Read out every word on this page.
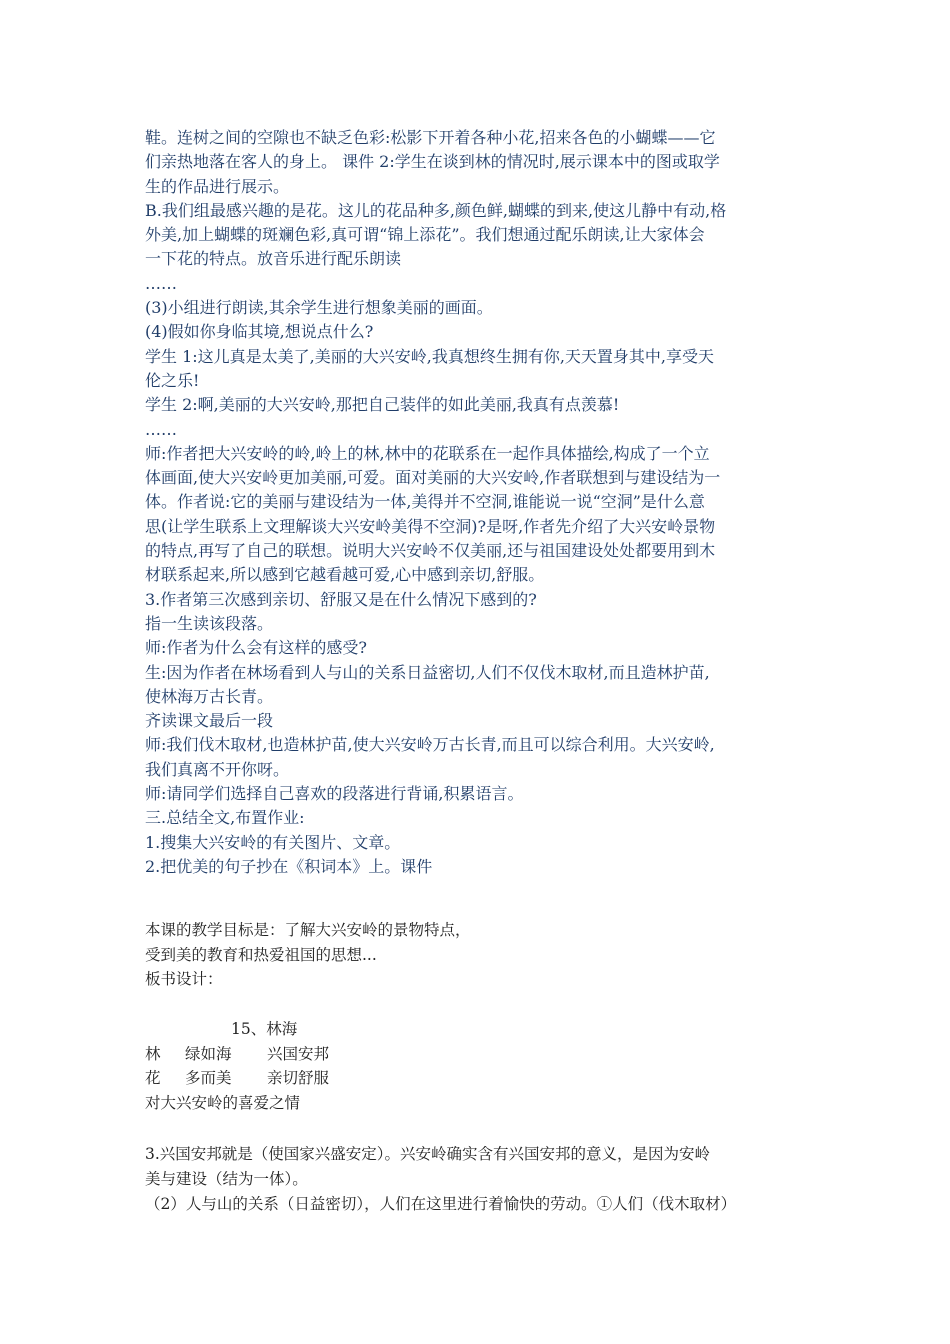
鞋。连树之间的空隙也不缺乏色彩:松影下开着各种小花,招来各色的小蝴蝶——它
们亲热地落在客人的身上。 课件 2:学生在谈到林的情况时,展示课本中的图或取学
生的作品进行展示。
B.我们组最感兴趣的是花。这儿的花品种多,颜色鲜,蝴蝶的到来,使这儿静中有动,格
外美,加上蝴蝶的斑斓色彩,真可谓“锦上添花”。我们想通过配乐朗读,让大家体会
一下花的特点。放音乐进行配乐朗读
……
(3)小组进行朗读,其余学生进行想象美丽的画面。
(4)假如你身临其境,想说点什么?
学生 1:这儿真是太美了,美丽的大兴安岭,我真想终生拥有你,天天置身其中,享受天
伦之乐!
学生 2:啊,美丽的大兴安岭,那把自己装伴的如此美丽,我真有点羡慕!
……
师:作者把大兴安岭的岭,岭上的林,林中的花联系在一起作具体描绘,构成了一个立
体画面,使大兴安岭更加美丽,可爱。面对美丽的大兴安岭,作者联想到与建设结为一
体。作者说:它的美丽与建设结为一体,美得并不空洞,谁能说一说“空洞”是什么意
思(让学生联系上文理解谈大兴安岭美得不空洞)?是呀,作者先介绍了大兴安岭景物
的特点,再写了自己的联想。说明大兴安岭不仅美丽,还与祖国建设处处都要用到木
材联系起来,所以感到它越看越可爱,心中感到亲切,舒服。
3.作者第三次感到亲切、舒服又是在什么情况下感到的?
指一生读该段落。
师:作者为什么会有这样的感受?
生:因为作者在林场看到人与山的关系日益密切,人们不仅伐木取材,而且造林护苗,
使林海万古长青。
齐读课文最后一段
师:我们伐木取材,也造林护苗,使大兴安岭万古长青,而且可以综合利用。大兴安岭,
我们真离不开你呀。
师:请同学们选择自己喜欢的段落进行背诵,积累语言。
三.总结全文,布置作业:
1.搜集大兴安岭的有关图片、文章。
2.把优美的句子抄在《积词本》上。课件
本课的教学目标是：了解大兴安岭的景物特点，
受到美的教育和热爱祖国的思想...
板书设计：
15、林海
林	绿如海	兴国安邦
花	多而美	亲切舒服
对大兴安岭的喜爱之情
3.兴国安邦就是（使国家兴盛安定）。兴安岭确实含有兴国安邦的意义，是因为安岭
美与建设（结为一体）。
（2）人与山的关系（日益密切），人们在这里进行着愉快的劳动。①人们（伐木取材）
